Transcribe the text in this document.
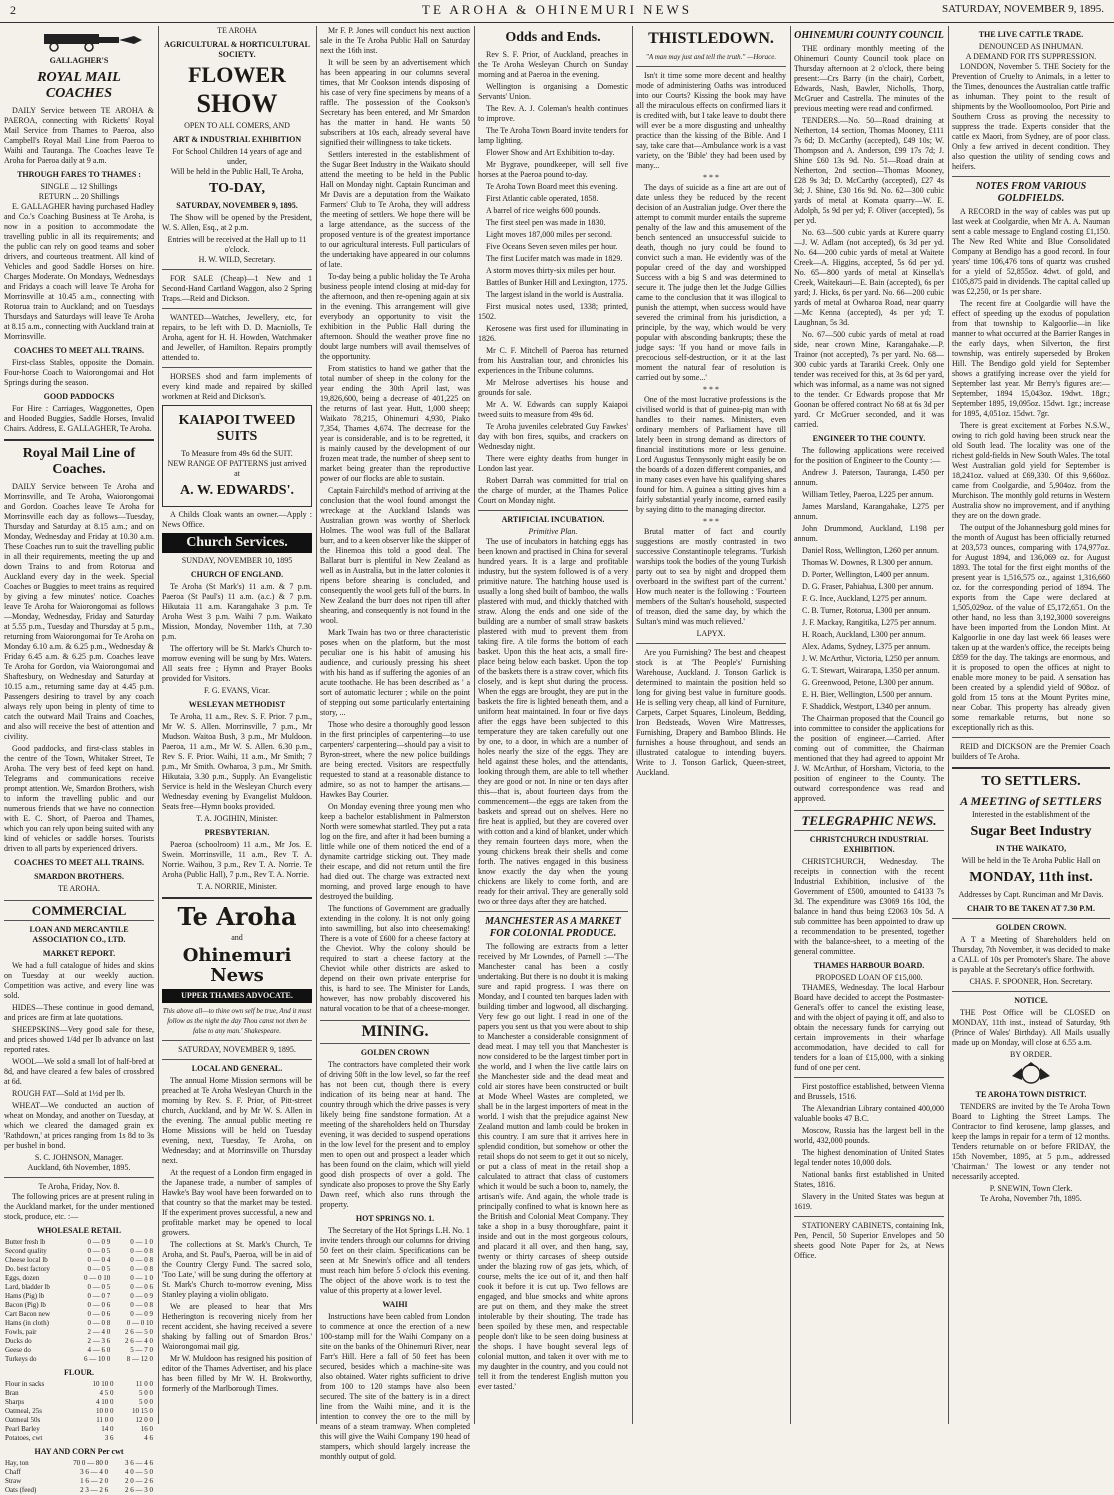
2	TE AROHA & OHINEMURI NEWS	SATURDAY, NOVEMBER 9, 1895.
GALLAGHER'S
ROYAL MAIL COACHES

DAILY Service between TE AROHA & PAEROA, connecting with Ricketts' Royal Mail Service from Thames to Paeroa, also Campbell's Royal Mail Line from Paeroa to Waihi and Tauranga. The Coaches leave Te Aroha for Paeroa daily at 9 a.m.

THROUGH FARES TO THAMES :
SINGLE ... 12 Shillings
RETURN ... 20 Shillings

E. GALLAGHER having purchased Hadley and Co.'s Coaching Business at Te Aroha, is now in a position to accommodate the travelling public in all its requirements; and the public can rely on good teams and sober drivers, and courteous treatment. All kind of Vehicles and good Saddle Horses on hire. Charges Moderate. On Mondays, Wednesdays and Fridays a coach will leave Te Aroha for Morrinsville at 10.45 a.m., connecting with Rotorua train to Auckland; and on Tuesdays Thursdays and Saturdays will leave Te Aroha at 8.15 a.m., connecting with Auckland train at Morrinsville.

COACHES TO MEET ALL TRAINS.

First-class Stables, opposite the Domain. Four-horse Coach to Waiorongomai and Hot Springs during the season.

GOOD PADDOCKS

For Hire : Carriages, Waggonettes, Open and Hooded Buggies, Saddle Horses, Invalid Chairs. Address, E. GALLAGHER, Te Aroha.

Royal Mail Line of Coaches.

DAILY Service between Te Aroha and Morrinsville, and Te Aroha, Waiorongomai and Gordon. Coaches leave Te Aroha for Morrinsville each day as follows—Tuesday, Thursday and Saturday at 8.15 a.m.; and on Monday, Wednesday and Friday at 10.30 a.m. These Coaches run to suit the travelling public in all their requirements, meeting the up and down Trains to and from Rotorua and Auckland every day in the week. Special Coaches or Buggies to meet trains as required by giving a few minutes' notice. Coaches leave Te Aroha for Waiorongomai as follows—Monday, Wednesday, Friday and Saturday at 5.55 p.m., Tuesday and Thursday at 5 p.m., returning from Waiorongomai for Te Aroha on Monday 6.10 a.m. & 6.25 p.m., Wednesday & Friday 6.45 a.m. & 6.25 p.m. Coaches leave Te Aroha for Gordon, via Waiorongomai and Shaftesbury, on Wednesday and Saturday at 10.15 a.m., returning same day at 4.45 p.m. Passengers desiring to travel by any coach always rely upon being in plenty of time to catch the outward Mail Trains and Coaches, and also will receive the best of attention and civility.

Good paddocks, and first-class stables in the centre of the Town, Whitaker Street, Te Aroha. The very best of feed kept on hand. Telegrams and communications receive prompt attention. We, Smardon Brothers, wish to inform the travelling public and our numerous friends that we have no connection with E. C. Short, of Paeroa and Thames, which you can rely upon being suited with any kind of vehicles or saddle horses. Tourists driven to all parts by experienced drivers.

COACHES TO MEET ALL TRAINS.
SMARDON BROTHERS.
TE AROHA.
COMMERCIAL
LOAN AND MERCANTILE ASSOCIATION CO., LTD.
MARKET REPORT.

We had a full catalogue of hides and skins on Tuesday at our weekly auction. Competition was active, and every line was sold.

HIDES—These continue in good demand, and prices are firm at late quotations.

SHEEPSKINS—Very good sale for these, and prices showed 1/4d per lb advance on last reported rates.

WOOL—We sold a small lot of half-bred at 8d, and have cleared a few bales of crossbred at 6d.

ROUGH FAT—Sold at 1½d per lb.

WHEAT—We conducted an auction of wheat on Monday, and another on Tuesday, at which we cleared the damaged grain ex 'Rathdown,' at prices ranging from 1s 8d to 3s per bushel in bond.

S. C. JOHNSON, Manager.
Auckland, 6th November, 1895.
Te Aroha, Friday, Nov. 8.

The following prices are at present ruling in the Auckland market, for the under mentioned stock, produce, etc. :—

WHOLESALE RETAIL
Butter fresh lb	0 — 0 9	0 — 1 0
Second quality	0 — 0 5	0 — 0 8
Cheese local lb	0 — 0 4	0 — 0 8
Do. best factory	0 — 0 5	0 — 0 8
Eggs, dozen	0 — 0 10	0 — 1 0
Lard, bladder lb	0 — 0 5	0 — 0 6
Hams (Pig) lb	0 — 0 7	0 — 0 9
Bacon (Pig) lb	0 — 0 6	0 — 0 8
Cart Bacon new	0 — 0 6	0 — 0 9
Hams (in cloth)	0 — 0 8	0 — 0 10
Fowls, pair	2 — 4 0	2 6 — 5 0
Ducks do	2 — 3 6	2 6 — 4 0
Geese do	4 — 6 0	5 — 7 0
Turkeys do	6 — 10 0	8 — 12 0
FLOUR.
Flour in sacks	10 10 0	11 0 0
Bran	4 5 0	5 0 0
Sharps	4 10 0	5 0 0
Oatmeal, 25s	10 0 0	10 15 0
Oatmeal 50s	11 0 0	12 0 0
Pearl Barley	14 0	16 0
Potatoes, cwt	3 6	4 6
HAY AND CORN Per cwt
Hay, ton	70 0 — 80 0	3 6 — 4 6
Chaff	3 6 — 4 0	4 0 — 5 0
Straw	1 6 — 2 0	2 0 — 2 6
Oats (feed)	2 3 — 2 6	2 6 — 3 0
TE AROHA
AGRICULTURAL & HORTICULTURAL SOCIETY.
FLOWER
SHOW
OPEN TO ALL COMERS, AND
ART & INDUSTRIAL EXHIBITION
For School Children 14 years of age and under,
Will be held in the Public Hall, Te Aroha,
TO-DAY,
SATURDAY, NOVEMBER 9, 1895.

The Show will be opened by the President, W. S. Allen, Esq., at 2 p.m.

Entries will be received at the Hall up to 11 o'clock.
H. W. WILD, Secretary.

FOR SALE (Cheap)—1 New and 1 Second-Hand Cartland Waggon, also 2 Spring Traps.—Reid and Dickson.

WANTED—Watches, Jewellery, etc, for repairs, to be left with D. D. Macniolls, Te Aroha, agent for H. H. Howden, Watchmaker and Jeweller, of Hamilton. Repairs promptly attended to.

HORSES shod and farm implements of every kind made and repaired by skilled workmen at Reid and Dickson's.

KAIAPOI TWEED SUITS
To Measure from 49s 6d the SUIT.
NEW RANGE OF PATTERNS just arrived at
A. W. EDWARDS'.

A Childs Cloak wants an owner.—Apply : News Office.

Church Services.
SUNDAY, NOVEMBER 10, 1895
CHURCH OF ENGLAND.

Te Aroha (St Mark's) 11 a.m. & 7 p.m. Paeroa (St Paul's) 11 a.m. (a.c.) & 7 p.m. Hikutaia 11 a.m. Karangahake 3 p.m. Te Aroha West 3 p.m. Waihi 7 p.m. Waikato Mission, Monday, November 11th, at 7.30 p.m.

The offertory will be St. Mark's Church to-morrow evening will be sung by Mrs. Waters. All seats free ; Hymn and Prayer Books provided for Visitors.

F. G. EVANS, Vicar.
WESLEYAN METHODIST

Te Aroha, 11 a.m., Rev. S. F. Prior. 7 p.m., Mr W. S. Allen. Morrinsville, 7 p.m., Mr Mudson. Waitoa Bush, 3 p.m., Mr Muldoon. Paeroa, 11 a.m., Mr W. S. Allen. 6.30 p.m., Rev S. F. Prior. Waihi, 11 a.m., Mr Smith; 7 p.m., Mr Smith. Owharoa, 3 p.m., Mr Smith. Hikutaia, 3.30 p.m., Supply. An Evangelistic Service is held in the Wesleyan Church every Wednesday evening by Evangelist Muldoon. Seats free—Hymn books provided.

T. A. JOGIHIN, Minister.
PRESBYTERIAN.

Paeroa (schoolroom) 11 a.m., Mr Jos. E. Swein. Morrinsville, 11 a.m., Rev T. A. Norrie. Waihou, 3 p.m., Rev T. A. Norrie. Te Aroha (Public Hall), 7 p.m., Rev T. A. Norrie.

T. A. NORRIE, Minister.
Te Aroha
and
Ohinemuri News
UPPER THAMES ADVOCATE.
This above all—to thine own self be true, And it must follow as the night the day Thou canst not then be false to any man.' Shakespeare.
SATURDAY, NOVEMBER 9, 1895.
LOCAL AND GENERAL.

The annual Home Mission sermons will be preached at Te Aroha Wesleyan Church in the morning by Rev. S. F. Prior, of Pitt-street church, Auckland, and by Mr W. S. Allen in the evening. The annual public meeting re Home Missions will be held on Tuesday evening, next, Tuesday, Te Aroha, on Wednesday; and at Morrinsville on Thursday next.

At the request of a London firm engaged in the Japanese trade, a number of samples of Hawke's Bay wool have been forwarded on to that country so that the market may be tested. If the experiment proves successful, a new and profitable market may be opened to local growers.

The collections at St. Mark's Church, Te Aroha, and St. Paul's, Paeroa, will be in aid of the Country Clergy Fund. The sacred solo, 'Too Late,' will be sung during the offertory at St. Mark's Church to-morrow evening, Miss Stanley playing a violin obligato.

We are pleased to hear that Mrs Hetherington is recovering nicely from her recent accident, she having received a severe shaking by falling out of Smardon Bros.' Waiorongomai mail gig.

Mr W. Muldoon has resigned his position of editor of the Thames Advertiser, and his place has been filled by Mr W. H. Brokworthy, formerly of the Marlborough Times.

Mr F. P. Jones will conduct his next auction sale in the Te Aroha Public Hall on Saturday next the 16th inst.

It will be seen by an advertisement which has been appearing in our columns several times, that Mr Cookson intends disposing of his case of very fine specimens by means of a raffle. The possession of the Cookson's Secretary has been entered, and Mr Smardon has the matter in hand. He wants 50 subscribers at 10s each, already several have signified their willingness to take tickets.

Settlers interested in the establishment of the Sugar Beet Industry in the Waikato should attend the meeting to be held in the Public Hall on Monday night. Captain Runciman and Mr Davis are a deputation from the Waikato Farmers' Club to Te Aroha, they will address the meeting of settlers. We hope there will be a large attendance, as the success of the proposed venture is of the greatest importance to our agricultural interests. Full particulars of the undertaking have appeared in our columns of late.

To-day being a public holiday the Te Aroha business people intend closing at mid-day for the afternoon, and then re-opening again at six in the evening. This arrangement will give everybody an opportunity to visit the exhibition in the Public Hall during the afternoon. Should the weather prove fine no doubt large numbers will avail themselves of the opportunity.

From statistics to hand we gather that the total number of sheep in the colony for the year ending the 30th April last, was 19,826,600, being a decrease of 401,225 on the returns of last year. Hutt, 1,000 sheep; Waikato 78,215, Ohinemuri 4,930, Piako 7,354, Thames 4,674. The decrease for the year is considerable, and is to be regretted, it is mainly caused by the development of our frozen meat trade, the number of sheep sent to market being greater than the reproductive power of our flocks are able to sustain.

Captain Fairchild's method of arriving at the conclusion that the wool found amongst the wreckage at the Auckland Islands was Australian grown was worthy of Sherlock Holmes. The wool was full of the Ballarat burr, and to a keen observer like the skipper of the Hinemoa this told a good deal. The Ballarat burr is plentiful in New Zealand as well as in Australia, but in the latter colonies it ripens before shearing is concluded, and consequently the wool gets full of the burrs. In New Zealand the burr does not ripen till after shearing, and consequently is not found in the wool.

Mark Twain has two or three characteristic poses when on the platform, but the most peculiar one is his habit of amusing his audience, and curiously pressing his sheet with his hand as if suffering the agonies of an acute toothache. He has been described as ' a sort of automatic lecturer ; while on the point of stepping out some particularly entertaining story, ...

Those who desire a thoroughly good lesson in the first principles of carpentering—to use carpenters' carpentering—should pay a visit to Byron-street, where the new police buildings are being erected. Visitors are respectfully requested to stand at a reasonable distance to admire, so as not to hamper the artisans.—Hawkes Bay Courier.

On Monday evening three young men who keep a bachelor establishment in Palmerston North were somewhat startled. They put a rata log on the fire, and after it had been burning a little while one of them noticed the end of a dynamite cartridge sticking out. They made their escape, and did not return until the fire had died out. The charge was extracted next morning, and proved large enough to have destroyed the building.

The functions of Government are gradually extending in the colony. It is not only going into sawmilling, but also into cheesemaking! There is a vote of £600 for a cheese factory at the Cheviot. Why the colony should be required to start a cheese factory at the Cheviot while other districts are asked to depend on their own private enterprise for this, is hard to see. The Minister for Lands, however, has now probably discovered his natural vocation to be that of a cheese-monger.

MINING.
GOLDEN CROWN

The contractors have completed their work of driving 50ft in the low level, so far the reef has not been cut, though there is every indication of its being near at hand. The country through which the drive passes is very likely being fine sandstone formation. At a meeting of the shareholders held on Thursday evening, it was decided to suspend operations in the low level for the present and to employ men to open out and prospect a leader which has been found on the claim, which will yield good dish prospects of over a gold. The syndicate also proposes to prove the Shy Early Dawn reef, which also runs through the property.

HOT SPRINGS NO. 1.

The Secretary of the Hot Springs L.H. No. 1 invite tenders through our columns for driving 50 feet on their claim. Specifications can be seen at Mr Snewin's office and all tenders must reach him before 5 o'clock this evening. The object of the above work is to test the value of this property at a lower level.

WAIHI

Instructions have been cabled from London to commence at once the erection of a new 100-stamp mill for the Waihi Company on a site on the banks of the Ohinemuri River, near Farr's Hill. Here a fall of 50 feet has been secured, besides which a machine-site was also obtained. Water rights sufficient to drive from 100 to 120 stamps have also been secured. The site of the battery is in a direct line from the Waihi mine, and it is the intention to convey the ore to the mill by means of a steam tramway. When completed this will give the Waihi Company 190 head of stampers, which should largely increase the monthly output of gold.

Odds and Ends.

Rev S. F. Prior, of Auckland, preaches in the Te Aroha Wesleyan Church on Sunday morning and at Paeroa in the evening.

Wellington is organising a Domestic Servants' Union.

The Rev. A. J. Coleman's health continues to improve.

The Te Aroha Town Board invite tenders for lamp lighting.

Flower Show and Art Exhibition to-day.

Mr Bygrave, poundkeeper, will sell five horses at the Paeroa pound to-day.

Te Aroha Town Board meet this evening.

First Atlantic cable operated, 1858.

A barrel of rice weighs 600 pounds.

The first steel pen was made in 1830.

Light moves 187,000 miles per second.

Five Oceans Seven seven miles per hour.

The first Lucifer match was made in 1829.

A storm moves thirty-six miles per hour.

Battles of Bunker Hill and Lexington, 1775.

The largest island in the world is Australia.

First musical notes used, 1338; printed, 1502.

Kerosene was first used for illuminating in 1826.

Mr C. F. Mitchell of Paeroa has returned from his Australian tour, and chronicles his experiences in the Tribune columns.

Mr Melrose advertises his house and grounds for sale.

Mr A. W. Edwards can supply Kaiapoi tweed suits to measure from 49s 6d.

Te Aroha juveniles celebrated Guy Fawkes' day with bon fires, squibs, and crackers on Wednesday night.

There were eighty deaths from hunger in London last year.

Robert Darrah was committed for trial on the charge of murder, at the Thames Police Court on Monday night.

ARTIFICIAL INCUBATION.
Primitive Plan.

The use of incubators in hatching eggs has been known and practised in China for several hundred years. It is a large and profitable industry, but the system followed is of a very primitive nature. The hatching house used is usually a long shed built of bamboo, the walls plastered with mud, and thickly thatched with straw. Along the ends and one side of the building are a number of small straw baskets plastered with mud to prevent them from taking fire. A tile forms the bottom of each basket. Upon this the heat acts, a small fire-place being below each basket. Upon the top of the baskets there is a straw cover, which fits closely, and is kept shut during the process. When the eggs are brought, they are put in the baskets the fire is lighted beneath them, and a uniform heat maintained. In four or five days after the eggs have been subjected to this temperature they are taken carefully out one by one, to a door, in which are a number of holes nearly the size of the eggs. They are held against these holes, and the attendants, looking through them, are able to tell whether they are good or not. In nine or ten days after this—that is, about fourteen days from the commencement—the eggs are taken from the baskets and spread out on shelves. Here no fire heat is applied, but they are covered over with cotton and a kind of blanket, under which they remain fourteen days more, when the young chickens break their shells and come forth. The natives engaged in this business know exactly the day when the young chickens are likely to come forth, and are ready for their arrival. They are generally sold two or three days after they are hatched.

MANCHESTER AS A MARKET FOR COLONIAL PRODUCE.

The following are extracts from a letter received by Mr Lowndes, of Parnell :—'The Manchester canal has been a costly undertaking. But there is no doubt it is making sure and rapid progress. I was there on Monday, and I counted ten barques laden with building timber and logwood, all discharging. Very few go out light. I read in one of the papers you sent us that you were about to ship to Manchester a considerable consignment of dead meat. I may tell you that Manchester is now considered to be the largest timber port in the world, and I when the live cattle lairs on the Manchester side and the dead meat and cold air stores have been constructed or built at Mode Wheel Wastes are completed, we shall be in the largest importers of meat in the world. I wish that the prejudice against New Zealand mutton and lamb could be broken in this country. I am sure that it arrives here in splendid condition, but somehow or other the retail shops do not seem to get it out so nicely, or put a class of meat in the retail shop a calculated to attract that class of customers which it would be such a boon to, namely, the artisan's wife. And again, the whole trade is principally confined to what is known here as the British and Colonial Meat Company. They take a shop in a busy thoroughfare, paint it inside and out in the most gorgeous colours, and placard it all over, and then hang, say, twenty or thirty carcases of sheep outside under the blazing row of gas jets, which, of course, melts the ice out of it, and then half cook it before it is cut up. Two fellows are engaged, and blue smocks and white aprons are put on them, and they make the street intolerable by their shouting. The trade has been spoiled by these men, and respectable people don't like to be seen doing business at the shops. I have bought several legs of colonial mutton, and taken it over with me to my daughter in the country, and you could not tell it from the tenderest English mutton you ever tasted.'

THISTLEDOWN.
"A man may just and tell the truth." —Horace.

Isn't it time some more decent and healthy mode of administering Oaths was introduced into our Courts? Kissing the book may have all the miraculous effects on confirmed liars it is credited with, but I take leave to doubt there will ever be a more disgusting and unhealthy practice than the kissing of the Bible. And I say, take care that—Ambulance work is a vast variety, on the 'Bible' they had been used by many...

* * *

The days of suicide as a fine art are out of date unless they be reduced by the recent decision of an Australian judge. Over there the attempt to commit murder entails the supreme penalty of the law and this amusement of the bench sentenced an unsuccessful suicide to death, though no jury could be found to convict such a man. He evidently was of the popular creed of the day and worshipped Success with a big S and was determined to secure it. The judge then let the Judge Gillies came to the conclusion that it was illogical to punish the attempt, when success would have severed the criminal from his jurisdiction, a principle, by the way, which would be very popular with absconding bankrupts; these the judge says: 'If you hand or move fails in precocious self-destruction, or it at the last moment the natural fear of resolution is carried out by some...'

* * *

One of the most lucrative professions is the civilised world is that of guinea-pig man with handles to their names. Ministers, even ordinary members of Parliament have till lately been in strong demand as directors of financial institutions more or less genuine. Lord Augustus Tennysonly might easily be on the boards of a dozen different companies, and in many cases even have his qualifying shares found for him. A guinea a sitting gives him a fairly substantial yearly income, earned easily by saying ditto to the managing director.

* * *

Brutal matter of fact and courtly suggestions are mostly contrasted in two successive Constantinople telegrams. 'Turkish warships took the bodies of the young Turkish party out to sea by night and dropped them overboard in the swiftest part of the current.' How much neater is the following : 'Fourteen members of the Sultan's household, suspected of treason, died the same day, by which the Sultan's mind was much relieved.'

LAPYX.

Are you Furnishing? The best and cheapest stock is at 'The People's' Furnishing Warehouse, Auckland. J. Tonson Garlick is determined to maintain the position held so long for giving best value in furniture goods. He is selling very cheap, all kind of Furniture, Carpets, Carpet Squares, Linoleum, Bedding, Iron Bedsteads, Woven Wire Mattresses, Furnishing, Drapery and Bamboo Blinds. He furnishes a house throughout, and sends an illustrated catalogue to intending buyers. Write to J. Tonson Garlick, Queen-street, Auckland.

OHINEMURI COUNTY COUNCIL

THE ordinary monthly meeting of the Ohinemuri County Council took place on Thursday afternoon at 2 o'clock, there being present:—Crs Barry (in the chair), Corbett, Edwards, Nash, Bawler, Nicholls, Thorp, McGruer and Castrella. The minutes of the previous meeting were read and confirmed.

TENDERS.—No. 50—Road draining at Netherton, 14 section, Thomas Mooney, £111 7s 6d; D. McCarthy (accepted), £49 10s; W. Thompson and A. Anderson, £99 17s 7d; J. Shine £60 13s 9d. No. 51—Road drain at Netherton, 2nd section—Thomas Mooney, £28 9s 3d; D. McCarthy (accepted), £27 4s 3d; J. Shine, £30 16s 9d. No. 62—300 cubic yards of metal at Komata quarry—W. E. Adolph, 5s 9d per yd; F. Oliver (accepted), 5s per yd.

No. 63—500 cubic yards at Kurere quarry—J. W. Adlam (not accepted), 6s 3d per yd. No. 64—200 cubic yards of metal at Waitete Creek—A. Higgins, accepted, 5s 6d per yd. No. 65—800 yards of metal at Kinsella's Creek, Waitekauri—E. Bain (accepted), 6s per yard; J. Hicks, 6s per yard. No. 66—200 cubic yards of metal at Owharoa Road, near quarry—Mc Kenna (accepted), 4s per yd; T. Laughnan, 5s 3d.

No. 67—500 cubic yards of metal at road side, near crown Mine, Karangahake.—P. Trainor (not accepted), 7s per yard. No. 68—300 cubic yards at Tarariki Creek. Only one tender was received for this, at 3s 6d per yard, which was informal, as a name was not signed to the tender. Cr Edwards propose that Mr Goonan be offered contract No 68 at 6s 3d per yard. Cr McGruer seconded, and it was carried.

ENGINEER TO THE COUNTY.

The following applications were received for the position of Engineer to the County :—

Andrew J. Paterson, Tauranga, L450 per annum.

William Tetley, Paeroa, L225 per annum.

James Marsland, Karangahake, L275 per annum.

John Drummond, Auckland, L198 per annum.

Daniel Ross, Wellington, L260 per annum.

Thomas W. Downes, R L300 per annum.

D. Porter, Wellington, L400 per annum.

D. G. Fraser, Pahiahua, L300 per annum.

F. G. Ince, Auckland, L275 per annum.

C. B. Turner, Rotorua, L300 per annum.

J. F. Mackay, Rangitika, L275 per annum.

H. Roach, Auckland, L300 per annum.

Alex. Adams, Sydney, L375 per annum.

J. W. McArthur, Victoria, L250 per annum.

G. T. Stewart, Wairarapa, L350 per annum.

G. Greenwood, Petone, L300 per annum.

E. H. Bier, Wellington, L500 per annum.

F. Shaddick, Westport, L340 per annum.

The Chairman proposed that the Council go into committee to consider the applications for the position of engineer.—Carried. After coming out of committee, the Chairman mentioned that they had agreed to appoint Mr J. W. McArthur, of Horsham, Victoria, to the position of engineer to the County. The outward correspondence was read and approved.

TELEGRAPHIC NEWS.
CHRISTCHURCH INDUSTRIAL EXHIBITION.

CHRISTCHURCH, Wednesday. The receipts in connection with the recent Industrial Exhibition, inclusive of the Government of £500, amounted to £4133 7s 3d. The expenditure was £3069 16s 10d, the balance in hand thus being £2063 10s 5d. A sub committee has been appointed to draw up a recommendation to be presented, together with the balance-sheet, to a meeting of the general committee.

THAMES HARBOUR BOARD.
PROPOSED LOAN OF £15,000.

THAMES, Wednesday. The local Harbour Board have decided to accept the Postmaster-General's offer to cancel the existing lease, and with the object of paying it off, and also to obtain the necessary funds for carrying out certain improvements in their wharfage accommodation, have decided to call for tenders for a loan of £15,000, with a sinking fund of one per cent.

First postoffice established, between Vienna and Brussels, 1516.

The Alexandrian Library contained 400,000 valuable books 47 B.C.

Moscow, Russia has the largest bell in the world, 432,000 pounds.

The highest denomination of United States legal tender notes 10,000 dols.

National banks first established in United States, 1816.

Slavery in the United States was begun at 1619.

STATIONERY CABINETS, containing Ink, Pen, Pencil, 50 Superior Envelopes and 50 sheets good Note Paper for 2s, at News Office.

THE LIVE CATTLE TRADE.
DENOUNCED AS INHUMAN.
A DEMAND FOR ITS SUPPRESSION.

LONDON, November 5. THE Society for the Prevention of Cruelty to Animals, in a letter to the Times, denounces the Australian cattle traffic as inhuman. They point to the result of shipments by the Woolloomooloo, Port Pirie and Southern Cross as proving the necessity to suppress the trade. Experts consider that the cattle ex Maori, from Sydney, are of poor class. Only a few arrived in decent condition. They also question the utility of sending cows and heifers.

NOTES FROM VARIOUS GOLDFIELDS.

A RECORD in the way of cables was put up last week at Coolgardie, when Mr A. A. Nauman sent a cable message to England costing £1,150. The New Red White and Blue Consolidated Company at Bendigo has a good record. In four years' time 106,476 tons of quartz was crushed for a yield of 52,855oz. 4dwt. of gold, and £105,875 paid in dividends. The capital called up was £2,250, or 1s per share.

The recent fire at Coolgardie will have the effect of speeding up the exodus of population from that township to Kalgoorlie—in like manner to what occurred at the Barrier Ranges in the early days, when Silverton, the first township, was entirely superseded by Broken Hill. The Bendigo gold yield for September shows a gratifying increase over the yield for September last year. Mr Berry's figures are:—September, 1894 15,043oz. 19dwt. 18gr.; September 1895, 19,095oz. 15dwt. 1gr.; increase for 1895, 4,051oz. 15dwt. 7gr.

There is great excitement at Forbes N.S.W., owing to rich gold having been struck near the old South lead. The locality was one of the richest gold-fields in New South Wales. The total West Australian gold yield for September is 18,241oz. valued at £69,330. Of this 9,660oz. came from Coolgardie, and 5,904oz. from the Murchison. The monthly gold returns in Western Australia show no improvement, and if anything they are on the down grade.

The output of the Johannesburg gold mines for the month of August has been officially returned at 203,573 ounces, comparing with 174,977oz. for August 1894, and 136,069 oz. for August 1893. The total for the first eight months of the present year is 1,516,575 oz., against 1,316,660 oz. for the corresponding period of 1894. The exports from the Cape were declared at 1,505,029oz. of the value of £5,172,651. On the other hand, no less than 3,192,3000 sovereigns have been imported from the London Mint. At Kalgoorlie in one day last week 66 leases were taken up at the warden's office, the receipts being £859 for the day. The takings are enormous, and it is proposed to open the offices at night to enable more money to be paid. A sensation has been created by a splendid yield of 908oz. of gold from 15 tons at the Mount Pyrites mine, near Cobar. This property has already given some remarkable returns, but none so exceptionally rich as this.

REID and DICKSON are the Premier Coach builders of Te Aroha.

TO SETTLERS.
A MEETING of SETTLERS
Interested in the establishment of the
Sugar Beet Industry
IN THE WAIKATO,
Will be held in the Te Aroha Public Hall on
MONDAY, 11th inst.
Addresses by Capt. Runciman and Mr Davis.
CHAIR TO BE TAKEN AT 7.30 P.M.
GOLDEN CROWN.

A T a Meeting of Shareholders held on Thursday, 7th November, it was decided to make a CALL of 10s per Promoter's Share. The above is payable at the Secretary's office forthwith.

CHAS. F. SPOONER, Hon. Secretary.
NOTICE.

THE Post Office will be CLOSED on MONDAY, 11th inst., instead of Saturday, 9th (Prince of Wales' Birthday). All Mails usually made up on Monday, will close at 6.55 a.m.

BY ORDER.
TE AROHA TOWN DISTRICT.

TENDERS are invited by the Te Aroha Town Board to Lighting the Street Lamps. The Contractor to find kerosene, lamp glasses, and keep the lamps in repair for a term of 12 months. Tenders returnable on or before FRIDAY, the 15th November, 1895, at 5 p.m., addressed 'Chairman.' The lowest or any tender not necessarily accepted.

P. SNEWIN, Town Clerk.
Te Aroha, November 7th, 1895.
